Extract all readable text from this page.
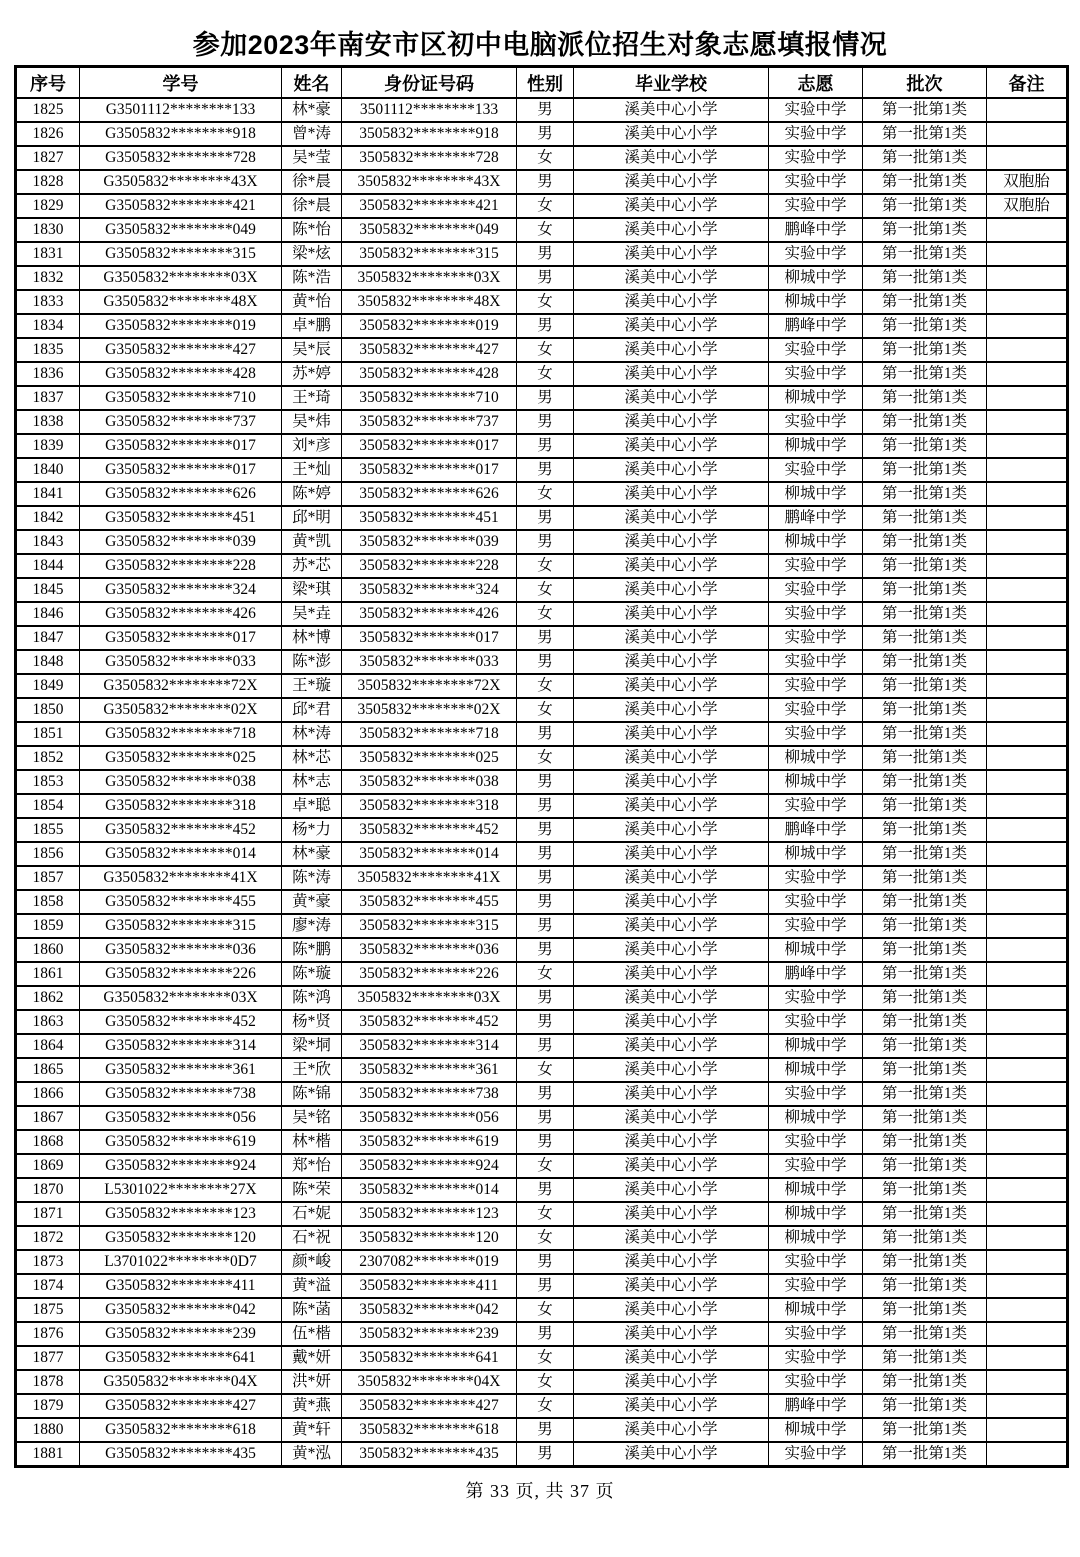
参加2023年南安市区初中电脑派位招生对象志愿填报情况
序号	学号	姓名	身份证号码	性别	毕业学校	志愿	批次	备注
1825	G3501112********133	林*豪	3501112********133	男	溪美中心小学	实验中学	第一批第1类	
1826	G3505832********918	曾*涛	3505832********918	男	溪美中心小学	实验中学	第一批第1类	
1827	G3505832********728	吴*莹	3505832********728	女	溪美中心小学	实验中学	第一批第1类	
1828	G3505832********43X	徐*晨	3505832********43X	男	溪美中心小学	实验中学	第一批第1类	双胞胎
1829	G3505832********421	徐*晨	3505832********421	女	溪美中心小学	实验中学	第一批第1类	双胞胎
1830	G3505832********049	陈*怡	3505832********049	女	溪美中心小学	鹏峰中学	第一批第1类	
1831	G3505832********315	梁*炫	3505832********315	男	溪美中心小学	实验中学	第一批第1类	
1832	G3505832********03X	陈*浩	3505832********03X	男	溪美中心小学	柳城中学	第一批第1类	
1833	G3505832********48X	黄*怡	3505832********48X	女	溪美中心小学	柳城中学	第一批第1类	
1834	G3505832********019	卓*鹏	3505832********019	男	溪美中心小学	鹏峰中学	第一批第1类	
1835	G3505832********427	吴*辰	3505832********427	女	溪美中心小学	实验中学	第一批第1类	
1836	G3505832********428	苏*婷	3505832********428	女	溪美中心小学	实验中学	第一批第1类	
1837	G3505832********710	王*琦	3505832********710	男	溪美中心小学	柳城中学	第一批第1类	
1838	G3505832********737	吴*炜	3505832********737	男	溪美中心小学	实验中学	第一批第1类	
1839	G3505832********017	刘*彦	3505832********017	男	溪美中心小学	柳城中学	第一批第1类	
1840	G3505832********017	王*灿	3505832********017	男	溪美中心小学	实验中学	第一批第1类	
1841	G3505832********626	陈*婷	3505832********626	女	溪美中心小学	柳城中学	第一批第1类	
1842	G3505832********451	邱*明	3505832********451	男	溪美中心小学	鹏峰中学	第一批第1类	
1843	G3505832********039	黄*凯	3505832********039	男	溪美中心小学	柳城中学	第一批第1类	
1844	G3505832********228	苏*芯	3505832********228	女	溪美中心小学	实验中学	第一批第1类	
1845	G3505832********324	梁*琪	3505832********324	女	溪美中心小学	实验中学	第一批第1类	
1846	G3505832********426	吴*垚	3505832********426	女	溪美中心小学	实验中学	第一批第1类	
1847	G3505832********017	林*博	3505832********017	男	溪美中心小学	实验中学	第一批第1类	
1848	G3505832********033	陈*澎	3505832********033	男	溪美中心小学	实验中学	第一批第1类	
1849	G3505832********72X	王*璇	3505832********72X	女	溪美中心小学	实验中学	第一批第1类	
1850	G3505832********02X	邱*君	3505832********02X	女	溪美中心小学	实验中学	第一批第1类	
1851	G3505832********718	林*涛	3505832********718	男	溪美中心小学	实验中学	第一批第1类	
1852	G3505832********025	林*芯	3505832********025	女	溪美中心小学	柳城中学	第一批第1类	
1853	G3505832********038	林*志	3505832********038	男	溪美中心小学	柳城中学	第一批第1类	
1854	G3505832********318	卓*聪	3505832********318	男	溪美中心小学	实验中学	第一批第1类	
1855	G3505832********452	杨*力	3505832********452	男	溪美中心小学	鹏峰中学	第一批第1类	
1856	G3505832********014	林*豪	3505832********014	男	溪美中心小学	柳城中学	第一批第1类	
1857	G3505832********41X	陈*涛	3505832********41X	男	溪美中心小学	实验中学	第一批第1类	
1858	G3505832********455	黄*豪	3505832********455	男	溪美中心小学	实验中学	第一批第1类	
1859	G3505832********315	廖*涛	3505832********315	男	溪美中心小学	实验中学	第一批第1类	
1860	G3505832********036	陈*鹏	3505832********036	男	溪美中心小学	柳城中学	第一批第1类	
1861	G3505832********226	陈*璇	3505832********226	女	溪美中心小学	鹏峰中学	第一批第1类	
1862	G3505832********03X	陈*鸿	3505832********03X	男	溪美中心小学	实验中学	第一批第1类	
1863	G3505832********452	杨*贤	3505832********452	男	溪美中心小学	实验中学	第一批第1类	
1864	G3505832********314	梁*垌	3505832********314	男	溪美中心小学	柳城中学	第一批第1类	
1865	G3505832********361	王*欣	3505832********361	女	溪美中心小学	柳城中学	第一批第1类	
1866	G3505832********738	陈*锦	3505832********738	男	溪美中心小学	实验中学	第一批第1类	
1867	G3505832********056	吴*铭	3505832********056	男	溪美中心小学	柳城中学	第一批第1类	
1868	G3505832********619	林*楷	3505832********619	男	溪美中心小学	实验中学	第一批第1类	
1869	G3505832********924	郑*怡	3505832********924	女	溪美中心小学	实验中学	第一批第1类	
1870	L5301022********27X	陈*荣	3505832********014	男	溪美中心小学	柳城中学	第一批第1类	
1871	G3505832********123	石*妮	3505832********123	女	溪美中心小学	柳城中学	第一批第1类	
1872	G3505832********120	石*祝	3505832********120	女	溪美中心小学	柳城中学	第一批第1类	
1873	L3701022********0D7	颜*峻	2307082********019	男	溪美中心小学	实验中学	第一批第1类	
1874	G3505832********411	黄*溢	3505832********411	男	溪美中心小学	实验中学	第一批第1类	
1875	G3505832********042	陈*菡	3505832********042	女	溪美中心小学	柳城中学	第一批第1类	
1876	G3505832********239	伍*楷	3505832********239	男	溪美中心小学	实验中学	第一批第1类	
1877	G3505832********641	戴*妍	3505832********641	女	溪美中心小学	实验中学	第一批第1类	
1878	G3505832********04X	洪*妍	3505832********04X	女	溪美中心小学	实验中学	第一批第1类	
1879	G3505832********427	黄*燕	3505832********427	女	溪美中心小学	鹏峰中学	第一批第1类	
1880	G3505832********618	黄*轩	3505832********618	男	溪美中心小学	柳城中学	第一批第1类	
1881	G3505832********435	黄*泓	3505832********435	男	溪美中心小学	实验中学	第一批第1类	
第 33 页, 共 37 页
